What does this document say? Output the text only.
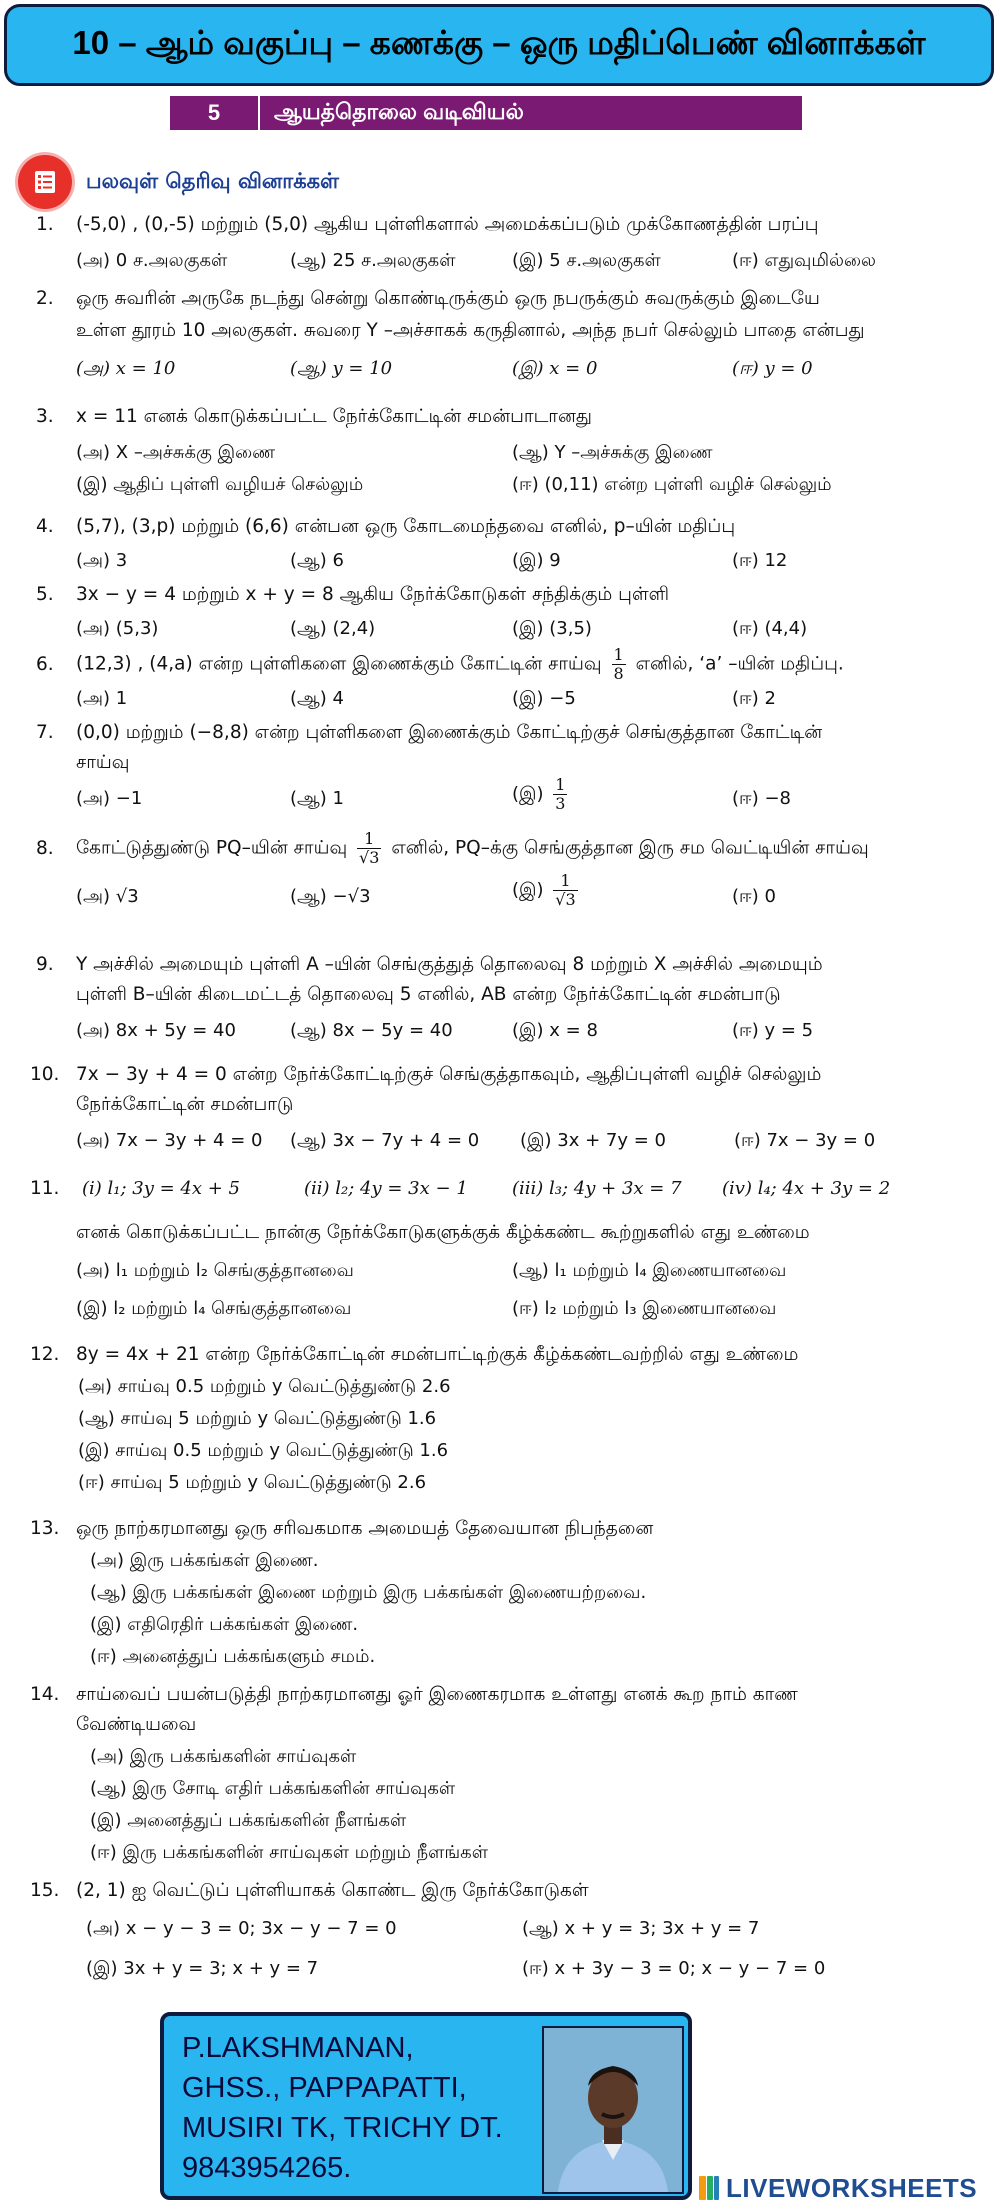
10 – ஆம் வகுப்பு – கணக்கு – ஒரு மதிப்பெண் வினாக்கள்
5	ஆயத்தொலை வடிவியல்
பலவுள் தெரிவு வினாக்கள்
1. (-5,0) , (0,-5) மற்றும் (5,0) ஆகிய புள்ளிகளால் அமைக்கப்படும் முக்கோணத்தின் பரப்பு
(அ) 0 ச.அலகுகள்	(ஆ) 25 ச.அலகுகள்	(இ) 5 ச.அலகுகள்	(ஈ) எதுவுமில்லை
2. ஒரு சுவரின் அருகே நடந்து சென்று கொண்டிருக்கும் ஒரு நபருக்கும் சுவருக்கும் இடையே
உள்ள தூரம் 10 அலகுகள். சுவரை Y –அச்சாகக் கருதினால், அந்த நபர் செல்லும் பாதை என்பது
(அ) x = 10	(ஆ) y = 10	(இ) x = 0	(ஈ) y = 0
3. x = 11 எனக் கொடுக்கப்பட்ட நேர்க்கோட்டின் சமன்பாடானது
(அ) X –அச்சுக்கு இணை	(ஆ) Y –அச்சுக்கு இணை
(இ) ஆதிப் புள்ளி வழியச் செல்லும்	(ஈ) (0,11) என்ற புள்ளி வழிச் செல்லும்
4. (5,7), (3,p) மற்றும் (6,6) என்பன ஒரு கோடமைந்தவை எனில், p–யின் மதிப்பு
(அ) 3	(ஆ) 6	(இ) 9	(ஈ) 12
5. 3x − y = 4 மற்றும் x + y = 8 ஆகிய நேர்க்கோடுகள் சந்திக்கும் புள்ளி
(அ) (5,3)	(ஆ) (2,4)	(இ) (3,5)	(ஈ) (4,4)
6. (12,3) , (4,a) என்ற புள்ளிகளை இணைக்கும் கோட்டின் சாய்வு $\frac{1}{8}$ எனில், ‘a’ –யின் மதிப்பு.
(அ) 1	(ஆ) 4	(இ) −5	(ஈ) 2
7. (0,0) மற்றும் (−8,8) என்ற புள்ளிகளை இணைக்கும் கோட்டிற்குச் செங்குத்தான கோட்டின்
சாய்வு
(அ) −1	(ஆ) 1	(இ) $\frac{1}{3}$	(ஈ) −8
8. கோட்டுத்துண்டு PQ–யின் சாய்வு $\frac{1}{√3}$ எனில், PQ–க்கு செங்குத்தான இரு சம வெட்டியின் சாய்வு
(அ) √3	(ஆ) −√3	(இ) $\frac{1}{√3}$	(ஈ) 0
9. Y அச்சில் அமையும் புள்ளி A –யின் செங்குத்துத் தொலைவு 8 மற்றும் X அச்சில் அமையும்
புள்ளி B–யின் கிடைமட்டத் தொலைவு 5 எனில், AB என்ற நேர்க்கோட்டின் சமன்பாடு
(அ) 8x + 5y = 40	(ஆ) 8x − 5y = 40	(இ) x = 8	(ஈ) y = 5
10. 7x − 3y + 4 = 0 என்ற நேர்க்கோட்டிற்குச் செங்குத்தாகவும், ஆதிப்புள்ளி வழிச் செல்லும்
நேர்க்கோட்டின் சமன்பாடு
(அ) 7x − 3y + 4 = 0 (ஆ) 3x − 7y + 4 = 0 (இ) 3x + 7y = 0	(ஈ) 7x − 3y = 0
11.	(i) l₁; 3y = 4x + 5	(ii) l₂; 4y = 3x − 1 (iii) l₃; 4y + 3x = 7 (iv) l₄; 4x + 3y = 2
எனக் கொடுக்கப்பட்ட நான்கு நேர்க்கோடுகளுக்குக் கீழ்க்கண்ட கூற்றுகளில் எது உண்மை
(அ) l₁ மற்றும் l₂ செங்குத்தானவை	(ஆ) l₁ மற்றும் l₄ இணையானவை
(இ) l₂ மற்றும் l₄ செங்குத்தானவை	(ஈ) l₂ மற்றும் l₃ இணையானவை
12. 8y = 4x + 21 என்ற நேர்க்கோட்டின் சமன்பாட்டிற்குக் கீழ்க்கண்டவற்றில் எது உண்மை
(அ) சாய்வு 0.5 மற்றும் y வெட்டுத்துண்டு 2.6
(ஆ) சாய்வு 5 மற்றும் y வெட்டுத்துண்டு 1.6
(இ) சாய்வு 0.5 மற்றும் y வெட்டுத்துண்டு 1.6
(ஈ) சாய்வு 5 மற்றும் y வெட்டுத்துண்டு 2.6
13. ஒரு நாற்கரமானது ஒரு சரிவகமாக அமையத் தேவையான நிபந்தனை
(அ) இரு பக்கங்கள் இணை.
(ஆ) இரு பக்கங்கள் இணை மற்றும் இரு பக்கங்கள் இணையற்றவை.
(இ) எதிரெதிர் பக்கங்கள் இணை.
(ஈ) அனைத்துப் பக்கங்களும் சமம்.
14. சாய்வைப் பயன்படுத்தி நாற்கரமானது ஓர் இணைகரமாக உள்ளது எனக் கூற நாம் காண
வேண்டியவை
(அ) இரு பக்கங்களின் சாய்வுகள்
(ஆ) இரு சோடி எதிர் பக்கங்களின் சாய்வுகள்
(இ) அனைத்துப் பக்கங்களின் நீளங்கள்
(ஈ) இரு பக்கங்களின் சாய்வுகள் மற்றும் நீளங்கள்
15. (2, 1) ஐ வெட்டுப் புள்ளியாகக் கொண்ட இரு நேர்க்கோடுகள்
(அ) x − y − 3 = 0; 3x − y − 7 = 0	(ஆ) x + y = 3; 3x + y = 7
(இ) 3x + y = 3; x + y = 7	(ஈ) x + 3y − 3 = 0; x − y − 7 = 0
P.LAKSHMANAN,
GHSS., PAPPAPATTI,
MUSIRI TK, TRICHY DT.
9843954265.
LIVEWORKSHEETS
